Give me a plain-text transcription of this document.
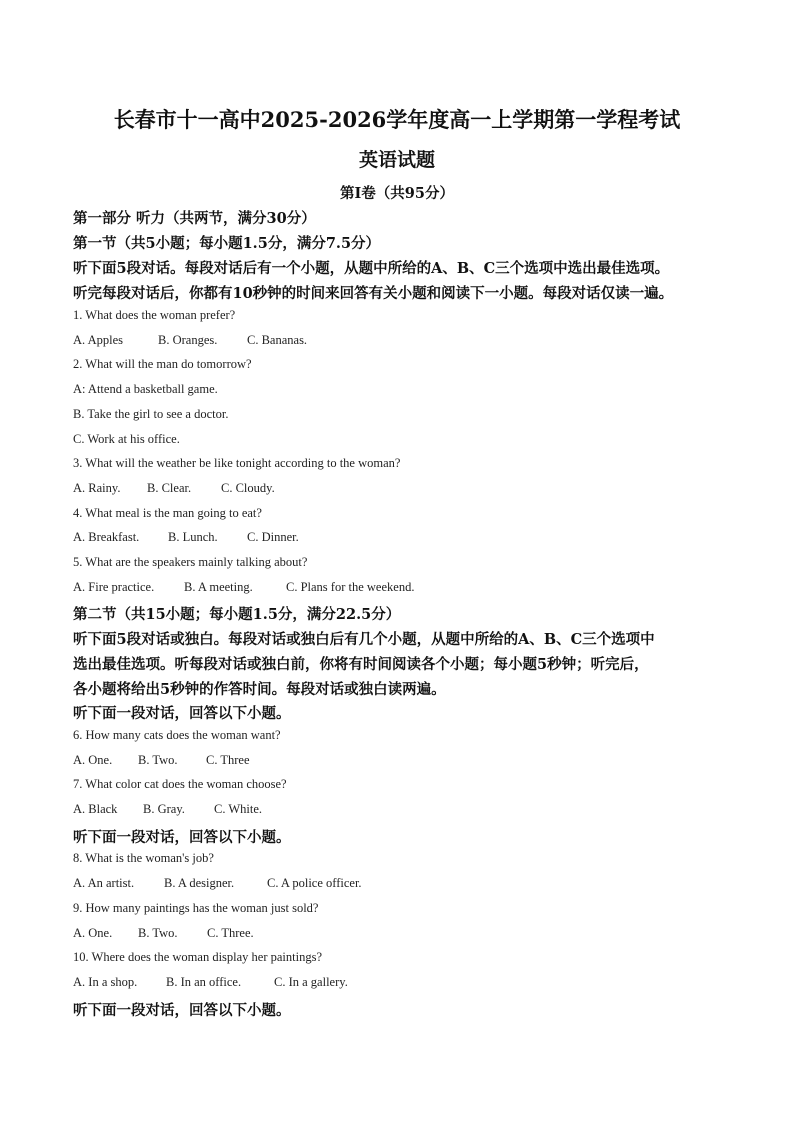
长春市十一高中2025-2026学年度高一上学期第一学程考试
英语试题
第Ⅰ卷（共95分）
第一部分 听力（共两节，满分30分）
第一节（共5小题；每小题1.5分，满分7.5分）
听下面5段对话。每段对话后有一个小题，从题中所给的A、B、C三个选项中选出最佳选项。
听完每段对话后，你都有10秒钟的时间来回答有关小题和阅读下一小题。每段对话仅读一遍。
1. What does the woman prefer?
A. Apples	B. Oranges. C. Bananas.
2. What will the man do tomorrow?
A: Attend a basketball game.
B. Take the girl to see a doctor.
C. Work at his office.
3. What will the weather be like tonight according to the woman?
A. Rainy. B. Clear. C. Cloudy.
4. What meal is the man going to eat?
A. Breakfast. B. Lunch. C. Dinner.
5. What are the speakers mainly talking about?
A. Fire practice. B. A meeting.	C. Plans for the weekend.
第二节（共15小题；每小题1.5分，满分22.5分）
听下面5段对话或独白。每段对话或独白后有几个小题，从题中所给的A、B、C三个选项中
选出最佳选项。听每段对话或独白前，你将有时间阅读各个小题；每小题5秒钟；听完后，
各小题将给出5秒钟的作答时间。每段对话或独白读两遍。
听下面一段对话，回答以下小题。
6. How many cats does the woman want?
A. One. B. Two. C. Three
7. What color cat does the woman choose?
A. Black B. Gray. C. White.
听下面一段对话，回答以下小题。
8. What is the woman's job?
A. An artist. B. A designer.	C. A police officer.
9. How many paintings has the woman just sold?
A. One. B. Two. C. Three.
10. Where does the woman display her paintings?
A. In a shop. B. In an office.	C. In a gallery.
听下面一段对话，回答以下小题。
